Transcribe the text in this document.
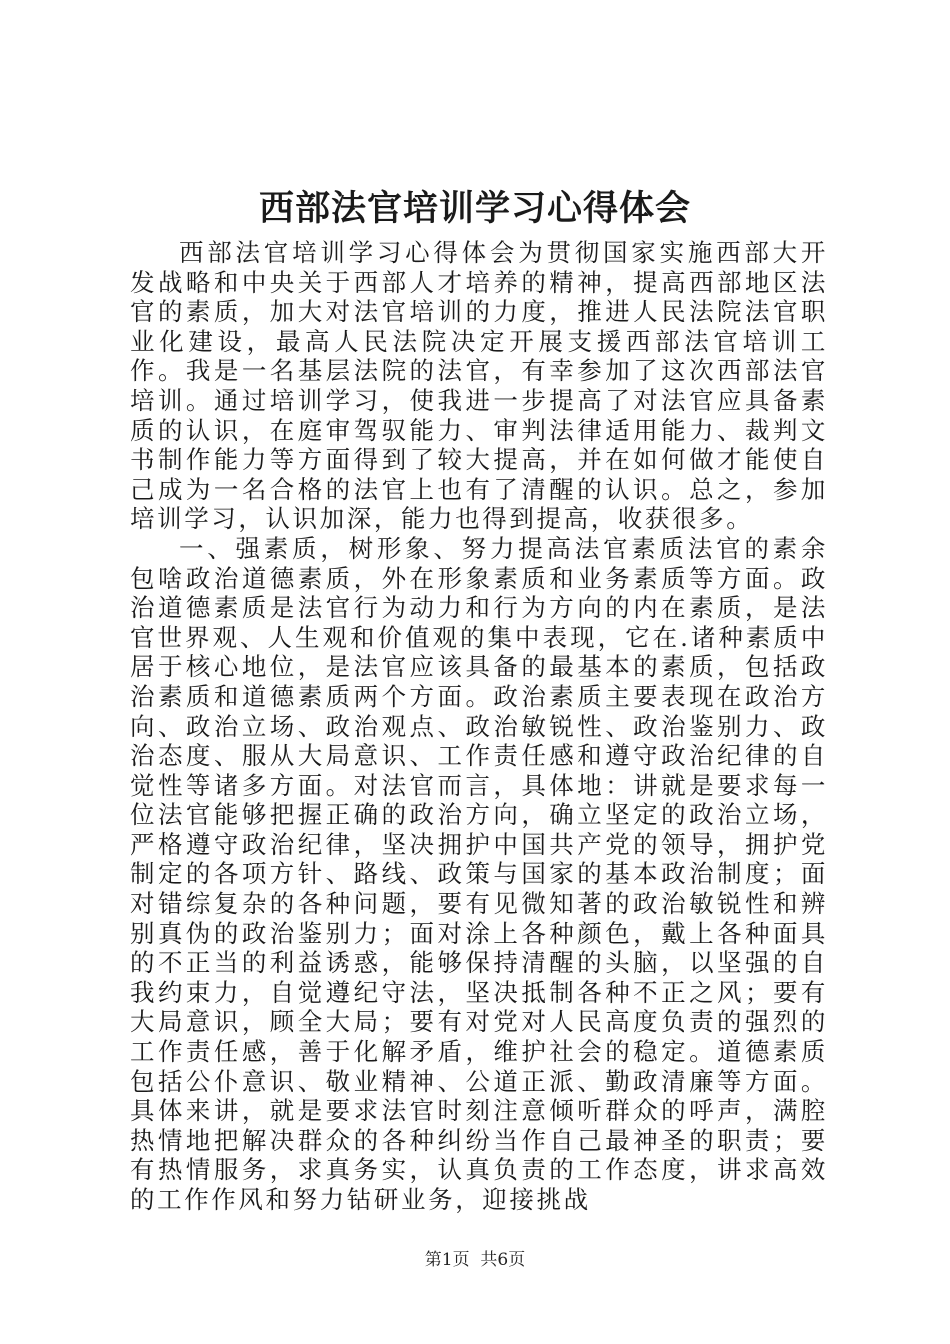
西部法官培训学习心得体会

西部法官培训学习心得体会为贯彻国家实施西部大开发战略和中央关于西部人才培养的精神，提高西部地区法官的素质，加大对法官培训的力度，推进人民法院法官职业化建设，最高人民法院决定开展支援西部法官培训工作。我是一名基层法院的法官，有幸参加了这次西部法官培训。通过培训学习，使我进一步提高了对法官应具备素质的认识，在庭审驾驭能力、审判法律适用能力、裁判文书制作能力等方面得到了较大提高，并在如何做才能使自己成为一名合格的法官上也有了清醒的认识。总之，参加培训学习，认识加深，能力也得到提高，收获很多。

一、强素质，树形象、努力提高法官素质法官的素余包啥政治道德素质，外在形象素质和业务素质等方面。政治道德素质是法官行为动力和行为方向的内在素质，是法官世界观、人生观和价值观的集中表现，它在.诸种素质中居于核心地位，是法官应该具备的最基本的素质，包括政治素质和道德素质两个方面。政治素质主要表现在政治方向、政治立场、政治观点、政治敏锐性、政治鉴别力、政治态度、服从大局意识、工作责任感和遵守政治纪律的自觉性等诸多方面。对法官而言，具体地：讲就是要求每一位法官能够把握正确的政治方向，确立坚定的政治立场，严格遵守政治纪律，坚决拥护中国共产党的领导，拥护党制定的各项方针、路线、政策与国家的基本政治制度；面对错综复杂的各种问题，要有见微知著的政治敏锐性和辨别真伪的政治鉴别力；面对涂上各种颜色，戴上各种面具的不正当的利益诱惑，能够保持清醒的头脑，以坚强的自我约束力，自觉遵纪守法，坚决抵制各种不正之风；要有大局意识，顾全大局；要有对党对人民高度负责的强烈的工作责任感，善于化解矛盾，维护社会的稳定。道德素质包括公仆意识、敬业精神、公道正派、勤政清廉等方面。具体来讲，就是要求法官时刻注意倾听群众的呼声，满腔热情地把解决群众的各种纠纷当作自己最神圣的职责；要有热情服务，求真务实，认真负责的工作态度，讲求高效的工作作风和努力钻研业务，迎接挑战

第1页 共6页
